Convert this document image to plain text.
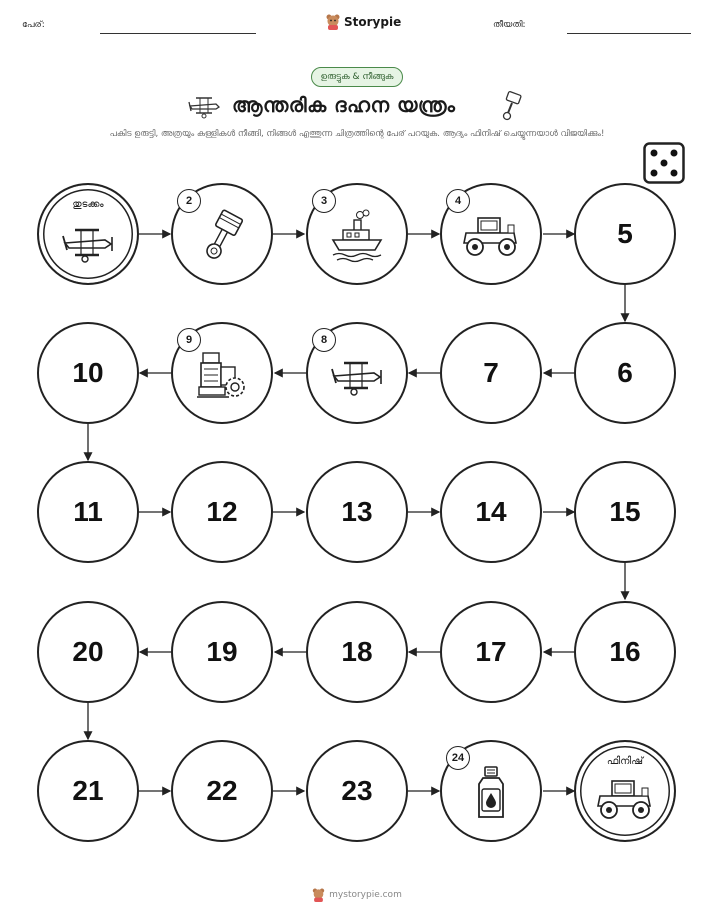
പേര്:	Storypie	തീയതി:
ഉരുട്ടുക & നീങ്ങുക
ആന്തരിക ദഹന യന്ത്രം
പകിട ഉരുട്ടി, അത്രയും കള്ളികൾ നീങ്ങി, നിങ്ങൾ എത്തുന്ന ചിത്രത്തിന്റെ പേര് പറയുക. ആദ്യം ഫിനിഷ് ചെയ്യുന്നയാൾ വിജയിക്കും!
തുടക്കം	2	3	4
5
6
7
8
9
10
11	12	13	14	15
16
17
18
19
20
21	22	23
24	ഫിനിഷ്
mystorypie.com
